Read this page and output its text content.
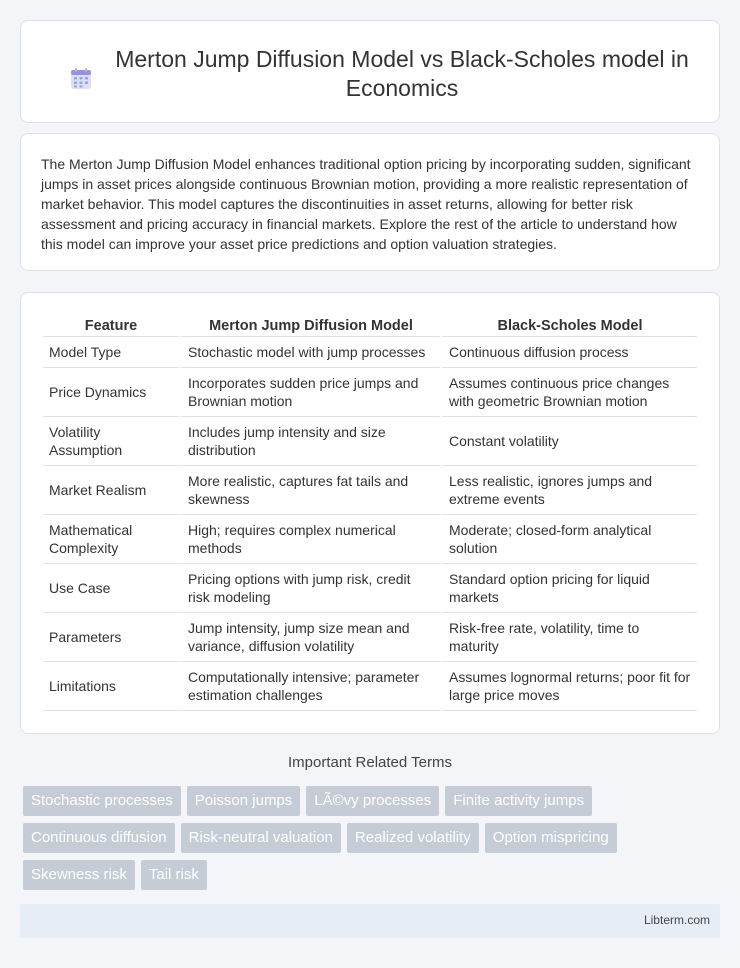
Merton Jump Diffusion Model vs Black-Scholes model in Economics

The Merton Jump Diffusion Model enhances traditional option pricing by incorporating sudden, significant jumps in asset prices alongside continuous Brownian motion, providing a more realistic representation of market behavior. This model captures the discontinuities in asset returns, allowing for better risk assessment and pricing accuracy in financial markets. Explore the rest of the article to understand how this model can improve your asset price predictions and option valuation strategies.

Feature	Merton Jump Diffusion Model	Black-Scholes Model
Model Type	Stochastic model with jump processes	Continuous diffusion process
Price Dynamics	Incorporates sudden price jumps and Brownian motion	Assumes continuous price changes with geometric Brownian motion
Volatility Assumption	Includes jump intensity and size distribution	Constant volatility
Market Realism	More realistic, captures fat tails and skewness	Less realistic, ignores jumps and extreme events
Mathematical Complexity	High; requires complex numerical methods	Moderate; closed-form analytical solution
Use Case	Pricing options with jump risk, credit risk modeling	Standard option pricing for liquid markets
Parameters	Jump intensity, jump size mean and variance, diffusion volatility	Risk-free rate, volatility, time to maturity
Limitations	Computationally intensive; parameter estimation challenges	Assumes lognormal returns; poor fit for large price moves
Important Related Terms
Stochastic processes	Poisson jumps	LÃ©vy processes	Finite activity jumps
Continuous diffusion	Risk-neutral valuation	Realized volatility	Option mispricing
Skewness risk	Tail risk
Libterm.com
